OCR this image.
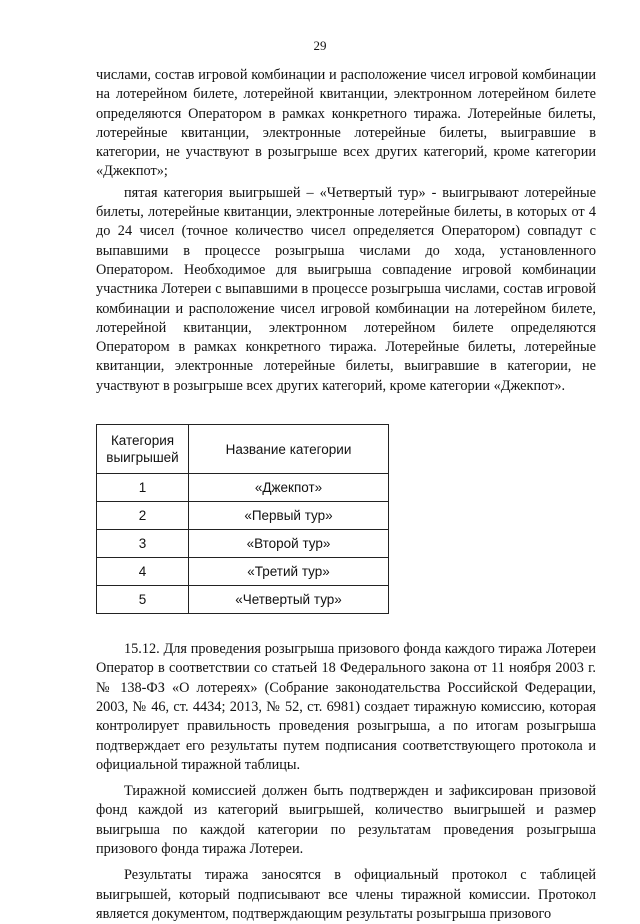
29

числами, состав игровой комбинации и расположение чисел игровой комбинации на лотерейном билете, лотерейной квитанции, электронном лотерейном билете определяются Оператором в рамках конкретного тиража. Лотерейные билеты, лотерейные квитанции, электронные лотерейные билеты, выигравшие в категории, не участвуют в розыгрыше всех других категорий, кроме категории «Джекпот»;

пятая категория выигрышей – «Четвертый тур» - выигрывают лотерейные билеты, лотерейные квитанции, электронные лотерейные билеты, в которых от 4 до 24 чисел (точное количество чисел определяется Оператором) совпадут с выпавшими в процессе розыгрыша числами до хода, установленного Оператором. Необходимое для выигрыша совпадение игровой комбинации участника Лотереи с выпавшими в процессе розыгрыша числами, состав игровой комбинации и расположение чисел игровой комбинации на лотерейном билете, лотерейной квитанции, электронном лотерейном билете определяются Оператором в рамках конкретного тиража. Лотерейные билеты, лотерейные квитанции, электронные лотерейные билеты, выигравшие в категории, не участвуют в розыгрыше всех других категорий, кроме категории «Джекпот».

Категория выигрышей	Название категории
1	«Джекпот»
2	«Первый тур»
3	«Второй тур»
4	«Третий тур»
5	«Четвертый тур»

15.12. Для проведения розыгрыша призового фонда каждого тиража Лотереи Оператор в соответствии со статьей 18 Федерального закона от 11 ноября 2003 г. № 138-ФЗ «О лотереях» (Собрание законодательства Российской Федерации, 2003, № 46, ст. 4434; 2013, № 52, ст. 6981) создает тиражную комиссию, которая контролирует правильность проведения розыгрыша, а по итогам розыгрыша подтверждает его результаты путем подписания соответствующего протокола и официальной тиражной таблицы.

Тиражной комиссией должен быть подтвержден и зафиксирован призовой фонд каждой из категорий выигрышей, количество выигрышей и размер выигрыша по каждой категории по результатам проведения розыгрыша призового фонда тиража Лотереи.

Результаты тиража заносятся в официальный протокол с таблицей выигрышей, который подписывают все члены тиражной комиссии. Протокол является документом, подтверждающим результаты розыгрыша призового
